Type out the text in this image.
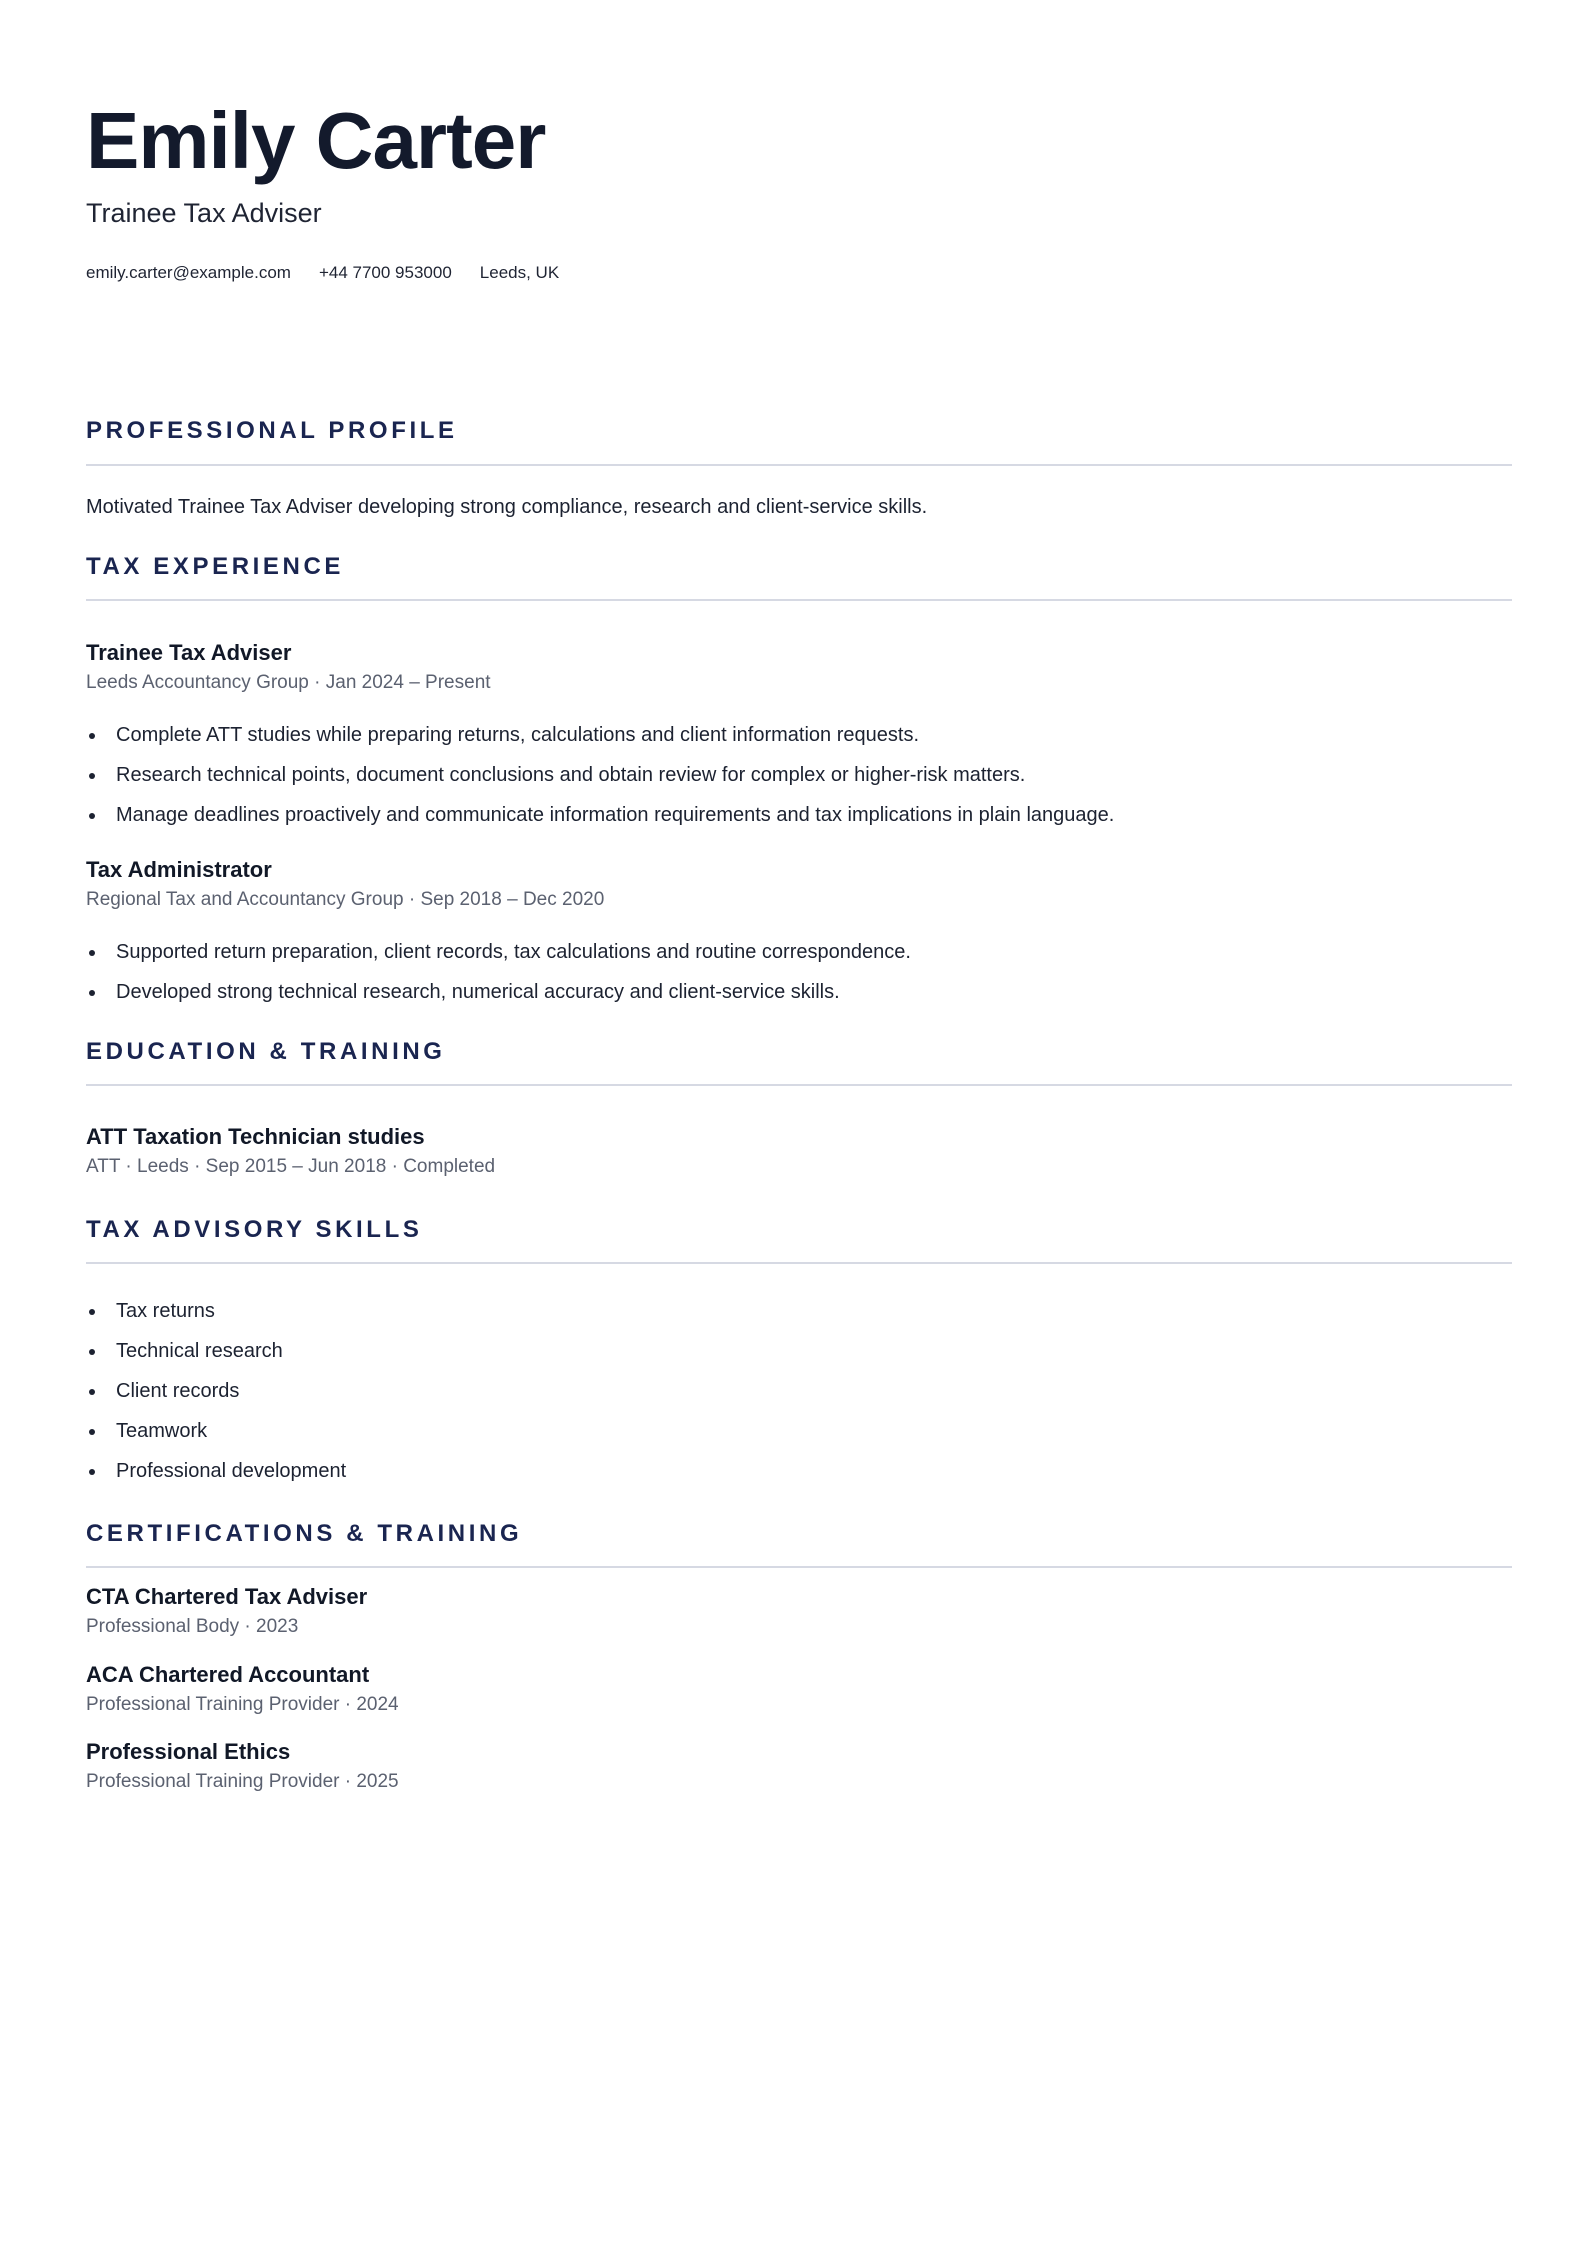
Emily Carter
Trainee Tax Adviser
emily.carter@example.com +44 7700 953000 Leeds, UK
PROFESSIONAL PROFILE
Motivated Trainee Tax Adviser developing strong compliance, research and client-service skills.
TAX EXPERIENCE
Trainee Tax Adviser
Leeds Accountancy Group · Jan 2024 – Present
Complete ATT studies while preparing returns, calculations and client information requests.
Research technical points, document conclusions and obtain review for complex or higher-risk matters.
Manage deadlines proactively and communicate information requirements and tax implications in plain language.
Tax Administrator
Regional Tax and Accountancy Group · Sep 2018 – Dec 2020
Supported return preparation, client records, tax calculations and routine correspondence.
Developed strong technical research, numerical accuracy and client-service skills.
EDUCATION & TRAINING
ATT Taxation Technician studies
ATT · Leeds · Sep 2015 – Jun 2018 · Completed
TAX ADVISORY SKILLS
Tax returns
Technical research
Client records
Teamwork
Professional development
CERTIFICATIONS & TRAINING
CTA Chartered Tax Adviser
Professional Body · 2023
ACA Chartered Accountant
Professional Training Provider · 2024
Professional Ethics
Professional Training Provider · 2025
